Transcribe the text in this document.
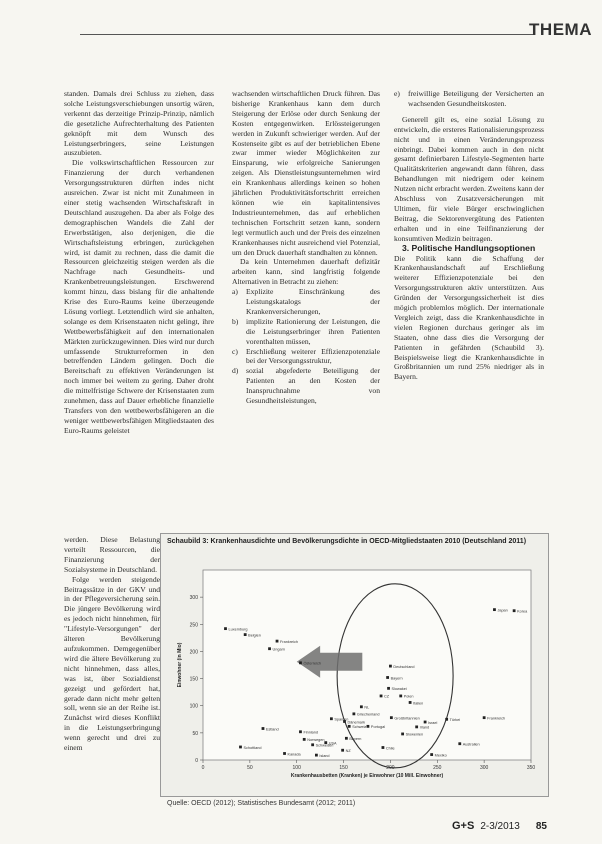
THEMA

standen. Damals drei Schluss zu ziehen, dass solche Leistungsverschiebungen unsortig wären, verkennt das derzeitige Prinzip-Prinzip, nämlich die gesetzliche Aufrechterhaltung des Patienten geknöpft mit dem Wunsch des Leistungserbringers, seine Leistungen auszubieten.

Die volkswirtschaftlichen Ressourcen zur Finanzierung der durch verhandenen Versorgungsstrukturen dürften indes nicht ausreichen. Zwar ist nicht mit Zunahmeen in einer stetig wachsenden Wirtschaftskraft in Deutschland auszugehen. Da aber als Folge des demographischen Wandels die Zahl der Erwerbstätigen, also derjenigen, die die Wirtschaftsleistung erbringen, zurückgehen wird, ist damit zu rechnen, dass die damit die Ressourcen gleichzeitig steigen werden als die Nachfrage nach Gesundheits- und Krankenbetreuungsleistungen. Erschwerend kommt hinzu, dass bislang für die anhaltende Krise des Euro-Raums keine überzeugende Lösung vorliegt. Letztendlich wird sie anhalten, solange es dem Krisenstaaten nicht gelingt, ihre Wettbewerbsfähigkeit auf den internationalen Märkten zurückzugewinnen. Dies wird nur durch umfassende Strukturreformen in den betreffenden Ländern gelingen. Doch die Bereitschaft zu effektiven Veränderungen ist noch immer bei weitem zu gering. Daher droht die mittelfristige Schwere der Krisenstaaten zum zunehmen, dass auf Dauer erhebliche finanzielle Transfers von den wettbewerbsfähigeren an die weniger wettbewerbsfähigen Mitgliedstaaten des Euro-Raums geleistet

werden. Diese Belastung verteilt Ressourcen, die Finanzierung der Sozialsysteme in Deutschland.

Folge werden steigende Beitragssätze in der GKV und in der Pflegeversicherung sein. Die jüngere Bevölkerung wird es jedoch nicht hinnehmen, für "Lifestyle-Versorgungen" der älteren Bevölkerung aufzukommen. Demgegenüber wird die ältere Bevölkerung zu nicht hinnehmen, dass alles, was ist, über Sozialdienst gezeigt und gefördert hat, gerade dann nicht mehr gelten soll, wenn sie an der Reihe ist. Zunächst wird dieses Konflikt in die Leistungserbringung wenn gerecht und drei zu einem

wachsenden wirtschaftlichen Druck führen. Das bisherige Krankenhaus kann dem durch Steigerung der Erlöse oder durch Senkung der Kosten entgegenwirken. Erlössteigerungen werden in Zukunft schwieriger werden. Auf der Kostenseite gibt es auf der betrieblichen Ebene zwar immer wieder Möglichkeiten zur Einsparung, wie erfolgreiche Sanierungen zeigen. Als Dienstleistungsunternehmen wird ein Krankenhaus allerdings keinen so hohen jährlichen Produktivitätsfortschritt erreichen können wie ein kapitalintensives Industrieunternehmen, das auf erheblichen technischen Fortschritt setzen kann, sondern legt vermutlich auch und der Preis des einzelnen Krankenhauses nicht ausreichend viel Potenzial, um den Druck dauerhaft standhalten zu können.

Da kein Unternehmen dauerhaft defizitär arbeiten kann, sind langfristig folgende Alternativen in Betracht zu ziehen:

a) Explizite Einschränkung des Leistungskatalogs der Krankenversicherungen,
b) implizite Rationierung der Leistungen, die die Leistungserbringer ihren Patienten vorenthalten müssen,
c) Erschließung weiterer Effizienzpotenziale bei der Versorgungsstruktur,
d) sozial abgefederte Beteiligung der Patienten an den Kosten der Inanspruchnahme von Gesundheitsleistungen,
e) freiwillige Beteiligung der Versicherten an wachsenden Gesundheitskosten.

Generell gilt es, eine sozial Lösung zu entwickeln, die ersteres Rationalisierungsprozess nicht und in einen Veränderungsprozess einbringt. Dabei kommen auch in den nicht gesamt definierbaren Lifestyle-Segmenten harte Qualitätskriterien angewandt dann führen, dass Behandlungen mit niedrigem oder keinem Nutzen nicht erbracht werden. Zweitens kann der Abschluss von Zusatzversicherungen mit Ultimen, für viele Bürger erschwinglichen Beitrag, die Sektorenvergütung des Patienten erhalten und in eine Teilfinanzierung der konsumtiven Medizin beitragen.

3. Politische Handlungsoptionen

Die Politik kann die Schaffung der Krankenhauslandschaft auf Erschließung weiterer Effizienzpotenziale bei den Versorgungsstrukturen aktiv unterstützen. Aus Gründen der Versorgungssicherheit ist dies mögich problemlos möglich. Der internationale Vergleich zeigt, dass die Krankenhausdichte in vielen Regionen durchaus geringer als im Staaten, ohne dass dies die Versorgung der Patienten in gefährden (Schaubild 3). Beispielsweise liegt die Krankenhausdichte in Großbritannien um rund 25% niedriger als in Bayern.

Schaubild 3: Krankenhausdichte und Bevölkerungsdichte in OECD-Mitgliedstaaten 2010 (Deutschland 2011)
0
50
100
150
200
250
300
0	50	100	150	200	250	300	350
Krankenhausbetten (Kranken) je Einwohner (10 Mill. Einwohner)
Einwohner (in Mio)
Japan Korea
Luxemburg
Belgien
Frankreich
Ungarn
Österreich
Deutschland
Bayern
Slowakei
Polen
CZ
Italien
NL
Griechenland
Dänemark
Spanien
Schweiz Portugal
Großbritannien
Israel
Irland
Slowenien
Türkei	Frankreich
Estland
Finnland
Norwegen
Schweden
USA
Kanada	Island
NZ
Chile
Mexiko
Australien
Schottland
Bayern
Quelle: OECD (2012); Statistisches Bundesamt (2012; 2011)
G+S 2-3/2013 85
